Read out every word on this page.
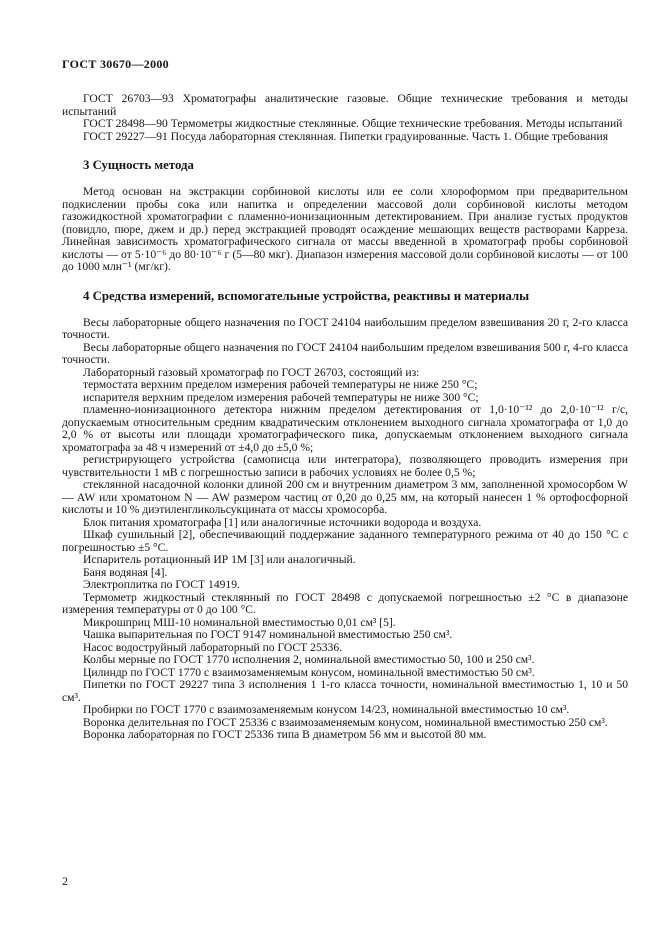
ГОСТ 30670—2000

ГОСТ 26703—93 Хроматографы аналитические газовые. Общие технические требования и методы испытаний

ГОСТ 28498—90 Термометры жидкостные стеклянные. Общие технические требования. Методы испытаний

ГОСТ 29227—91 Посуда лабораторная стеклянная. Пипетки градуированные. Часть 1. Общие требования

3 Сущность метода

Метод основан на экстракции сорбиновой кислоты или ее соли хлороформом при предварительном подкислении пробы сока или напитка и определении массовой доли сорбиновой кислоты методом газожидкостной хроматографии с пламенно-ионизационным детектированием. При анализе густых продуктов (повидло, пюре, джем и др.) перед экстракцией проводят осаждение мешающих веществ растворами Карреза. Линейная зависимость хроматографического сигнала от массы введенной в хроматограф пробы сорбиновой кислоты — от 5·10⁻⁶ до 80·10⁻⁶ г (5—80 мкг). Диапазон измерения массовой доли сорбиновой кислоты — от 100 до 1000 млн⁻¹ (мг/кг).

4 Средства измерений, вспомогательные устройства, реактивы и материалы

Весы лабораторные общего назначения по ГОСТ 24104 наибольшим пределом взвешивания 20 г, 2-го класса точности.

Весы лабораторные общего назначения по ГОСТ 24104 наибольшим пределом взвешивания 500 г, 4-го класса точности.

Лабораторный газовый хроматограф по ГОСТ 26703, состоящий из:

термостата верхним пределом измерения рабочей температуры не ниже 250 °С;

испарителя верхним пределом измерения рабочей температуры не ниже 300 °С;

пламенно-ионизационного детектора нижним пределом детектирования от 1,0·10⁻¹² до 2,0·10⁻¹² г/с, допускаемым относительным средним квадратическим отклонением выходного сигнала хроматографа от 1,0 до 2,0 % от высоты или площади хроматографического пика, допускаемым отклонением выходного сигнала хроматографа за 48 ч измерений от ±4,0 до ±5,0 %;

регистрирующего устройства (самописца или интегратора), позволяющего проводить измерения при чувствительности 1 мВ с погрешностью записи в рабочих условиях не более 0,5 %;

стеклянной насадочной колонки длиной 200 см и внутренним диаметром 3 мм, заполненной хромосорбом W — AW или хроматоном N — AW размером частиц от 0,20 до 0,25 мм, на который нанесен 1 % ортофосфорной кислоты и 10 % диэтиленгликольсукцината от массы хромосорба.

Блок питания хроматографа [1] или аналогичные источники водорода и воздуха.

Шкаф сушильный [2], обеспечивающий поддержание заданного температурного режима от 40 до 150 °С с погрешностью ±5 °С.

Испаритель ротационный ИР 1М [3] или аналогичный.

Баня водяная [4].

Электроплитка по ГОСТ 14919.

Термометр жидкостный стеклянный по ГОСТ 28498 с допускаемой погрешностью ±2 °С в диапазоне измерения температуры от 0 до 100 °С.

Микрошприц МШ-10 номинальной вместимостью 0,01 см³ [5].

Чашка выпарительная по ГОСТ 9147 номинальной вместимостью 250 см³.

Насос водоструйный лабораторный по ГОСТ 25336.

Колбы мерные по ГОСТ 1770 исполнения 2, номинальной вместимостью 50, 100 и 250 см³.

Цилиндр по ГОСТ 1770 с взаимозаменяемым конусом, номинальной вместимостью 50 см³.

Пипетки по ГОСТ 29227 типа 3 исполнения 1 1-го класса точности, номинальной вместимостью 1, 10 и 50 см³.

Пробирки по ГОСТ 1770 с взаимозаменяемым конусом 14/23, номинальной вместимостью 10 см³.

Воронка делительная по ГОСТ 25336 с взаимозаменяемым конусом, номинальной вместимостью 250 см³.

Воронка лабораторная по ГОСТ 25336 типа В диаметром 56 мм и высотой 80 мм.

2
